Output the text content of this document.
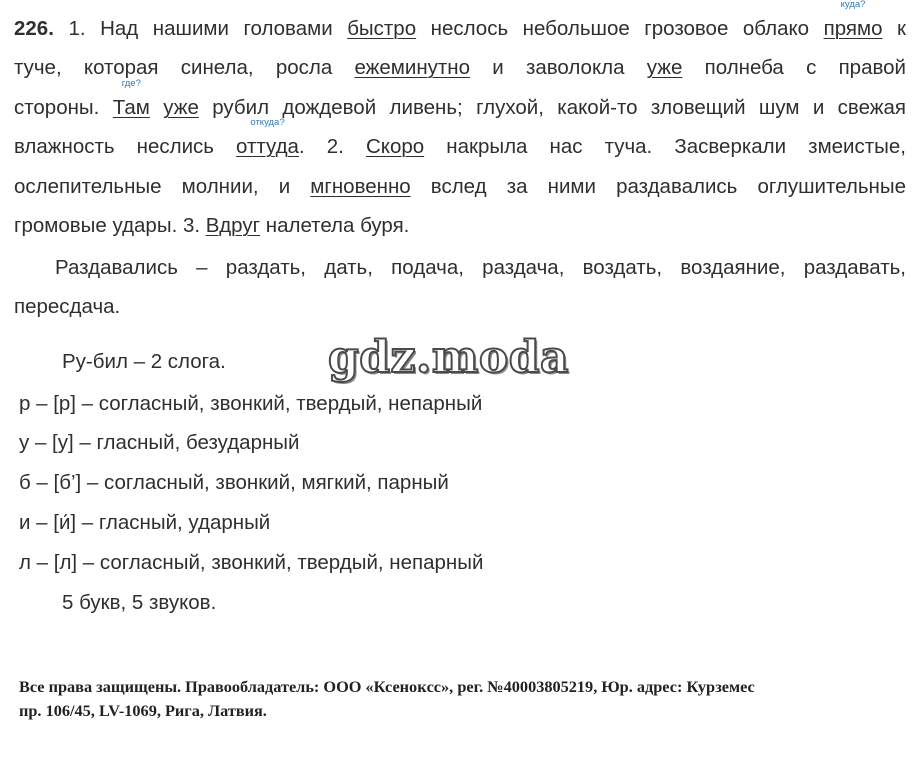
226. 1. Над нашими головами быстро неслось небольшое грозовое облако
куда?
прямо к
туче, которая синела, росла ежеминутно и заволокла уже полнеба с правой
стороны.
где?
Там уже рубил дождевой ливень; глухой, какой-то зловещий шум и свежая
влажность неслись
откуда?
оттуда. 2. Скоро накрыла нас туча. Засверкали змеистые,
ослепительные молнии, и мгновенно вслед за ними раздавались оглушительные
громовые удары. 3. Вдруг налетела буря.
Раздавались – раздать, дать, подача, раздача, воздать, воздаяние, раздавать,
пересдача.
Ру-бил – 2 слога.
р – [р] – согласный, звонкий, твердый, непарный
у – [у] – гласный, безударный
б – [б’] – согласный, звонкий, мягкий, парный
и – [и́] – гласный, ударный
л – [л] – согласный, звонкий, твердый, непарный
5 букв, 5 звуков.
gdz.moda
Все права защищены. Правообладатель: ООО «Ксенокcс», рег. №40003805219, Юр. адрес: Курземес
пр. 106/45, LV-1069, Рига, Латвия.
